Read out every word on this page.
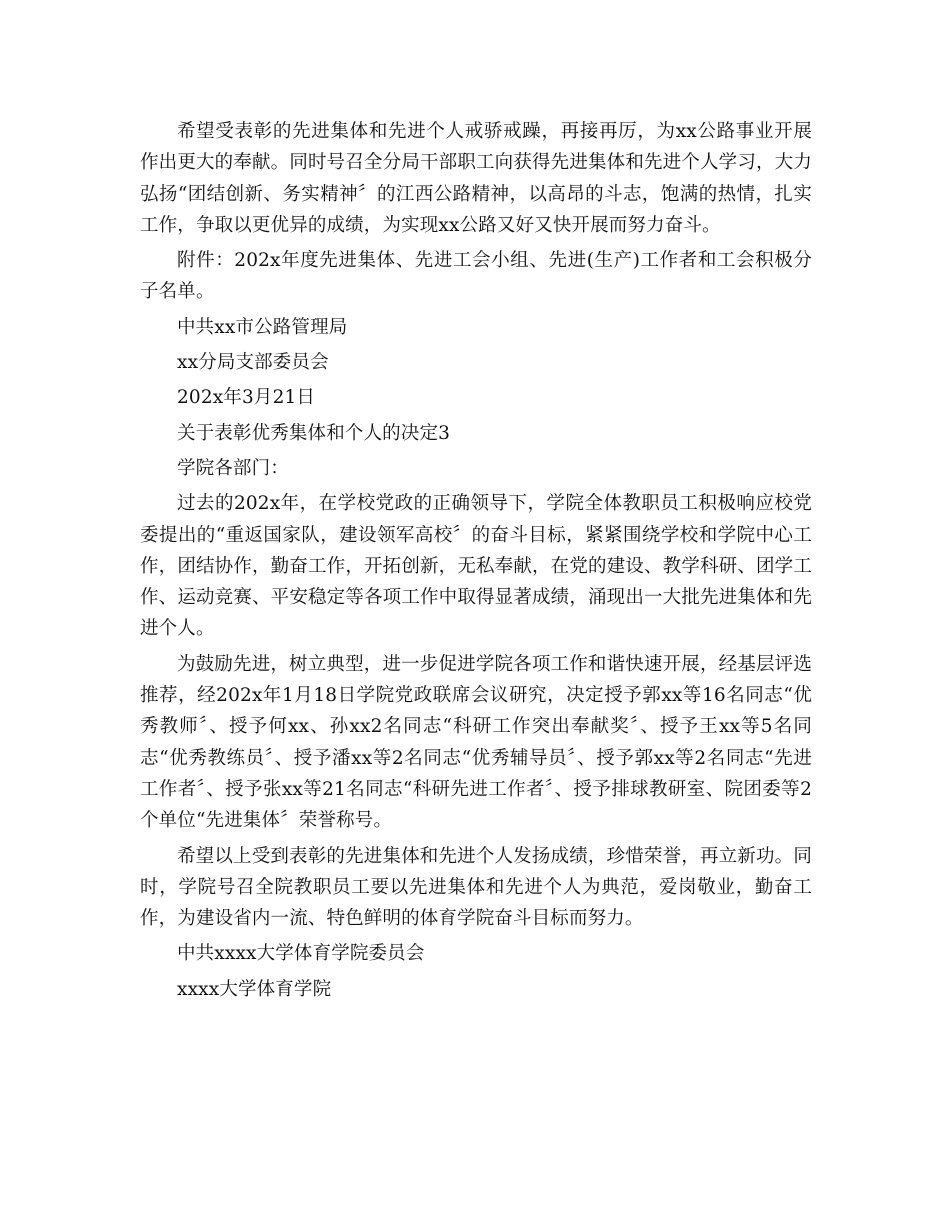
希望受表彰的先进集体和先进个人戒骄戒躁，再接再厉，为xx公路事业开展作出更大的奉献。同时号召全分局干部职工向获得先进集体和先进个人学习，大力弘扬“团结创新、务实精神〞的江西公路精神，以高昂的斗志，饱满的热情，扎实工作，争取以更优异的成绩，为实现xx公路又好又快开展而努力奋斗。

附件：202x年度先进集体、先进工会小组、先进(生产)工作者和工会积极分子名单。

中共xx市公路管理局

xx分局支部委员会

202x年3月21日

关于表彰优秀集体和个人的决定3

学院各部门：

过去的202x年，在学校党政的正确领导下，学院全体教职员工积极响应校党委提出的“重返国家队，建设领军高校〞的奋斗目标，紧紧围绕学校和学院中心工作，团结协作，勤奋工作，开拓创新，无私奉献，在党的建设、教学科研、团学工作、运动竞赛、平安稳定等各项工作中取得显著成绩，涌现出一大批先进集体和先进个人。

为鼓励先进，树立典型，进一步促进学院各项工作和谐快速开展，经基层评选推荐，经202x年1月18日学院党政联席会议研究，决定授予郭xx等16名同志“优秀教师〞、授予何xx、孙xx2名同志“科研工作突出奉献奖〞、授予王xx等5名同志“优秀教练员〞、授予潘xx等2名同志“优秀辅导员〞、授予郭xx等2名同志“先进工作者〞、授予张xx等21名同志“科研先进工作者〞、授予排球教研室、院团委等2个单位“先进集体〞荣誉称号。

希望以上受到表彰的先进集体和先进个人发扬成绩，珍惜荣誉，再立新功。同时，学院号召全院教职员工要以先进集体和先进个人为典范，爱岗敬业，勤奋工作，为建设省内一流、特色鲜明的体育学院奋斗目标而努力。

中共xxxx大学体育学院委员会

xxxx大学体育学院
